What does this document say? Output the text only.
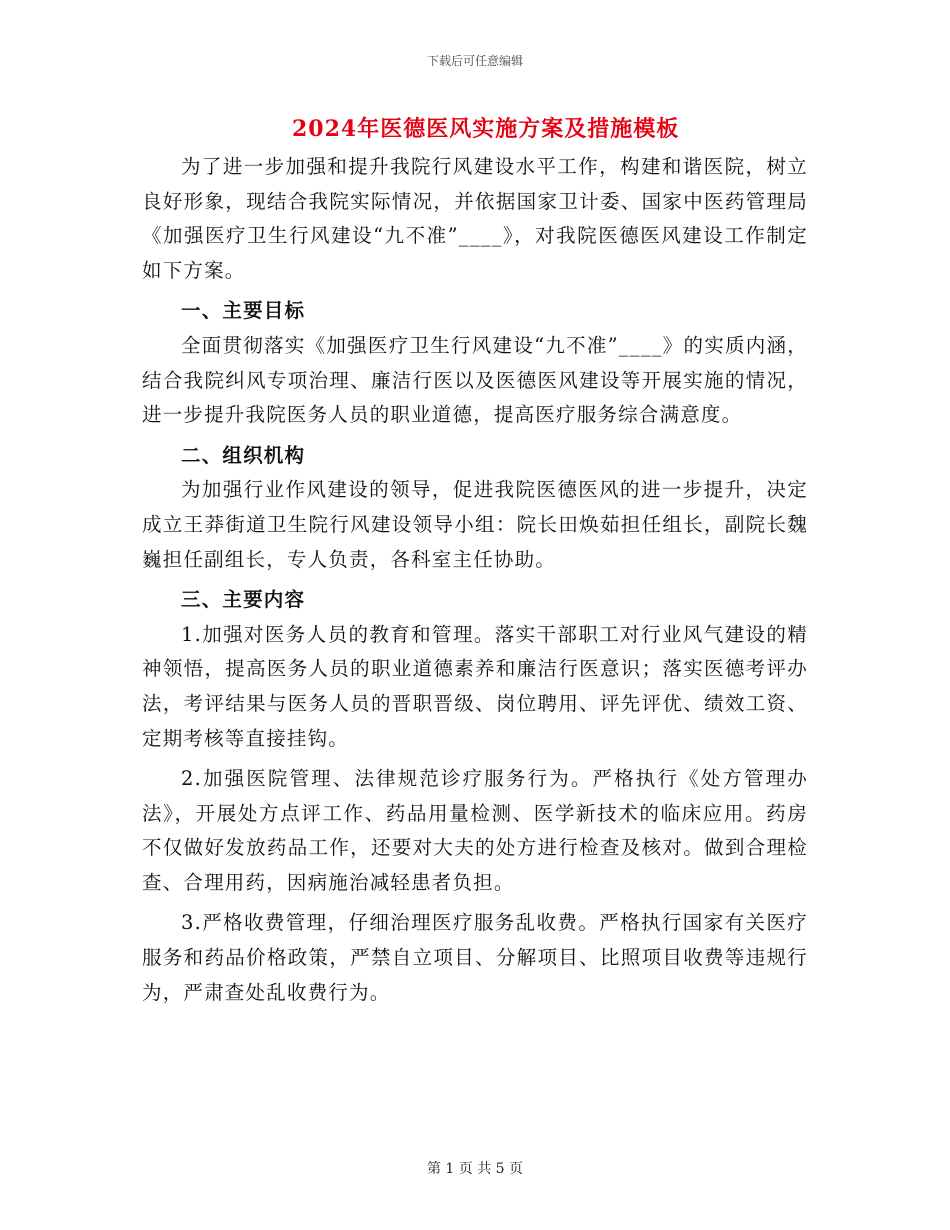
下载后可任意编辑
2024年医德医风实施方案及措施模板

为了进一步加强和提升我院行风建设水平工作，构建和谐医院，树立良好形象，现结合我院实际情况，并依据国家卫计委、国家中医药管理局《加强医疗卫生行风建设“九不准”____》，对我院医德医风建设工作制定如下方案。

一、主要目标

全面贯彻落实《加强医疗卫生行风建设“九不准”____》的实质内涵，结合我院纠风专项治理、廉洁行医以及医德医风建设等开展实施的情况，进一步提升我院医务人员的职业道德，提高医疗服务综合满意度。

二、组织机构

为加强行业作风建设的领导，促进我院医德医风的进一步提升，决定成立王莽街道卫生院行风建设领导小组：院长田焕茹担任组长，副院长魏巍担任副组长，专人负责，各科室主任协助。

三、主要内容

1.加强对医务人员的教育和管理。落实干部职工对行业风气建设的精神领悟，提高医务人员的职业道德素养和廉洁行医意识；落实医德考评办法，考评结果与医务人员的晋职晋级、岗位聘用、评先评优、绩效工资、定期考核等直接挂钩。

2.加强医院管理、法律规范诊疗服务行为。严格执行《处方管理办法》，开展处方点评工作、药品用量检测、医学新技术的临床应用。药房不仅做好发放药品工作，还要对大夫的处方进行检查及核对。做到合理检查、合理用药，因病施治减轻患者负担。

3.严格收费管理，仔细治理医疗服务乱收费。严格执行国家有关医疗服务和药品价格政策，严禁自立项目、分解项目、比照项目收费等违规行为，严肃查处乱收费行为。

第 1 页 共 5 页
